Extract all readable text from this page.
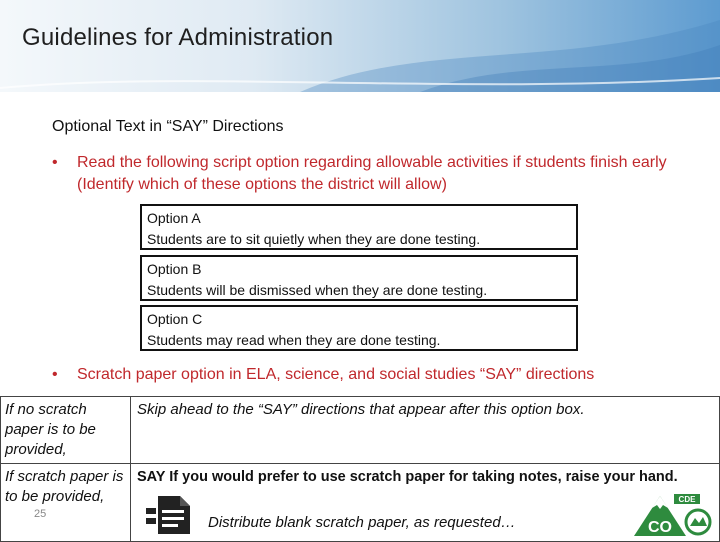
Guidelines for Administration
Optional Text in “SAY” Directions
• Read the following script option regarding allowable activities if students finish early (Identify which of these options the district will allow)
Option A
Students are to sit quietly when they are done testing.
Option B
Students will be dismissed when they are done testing.
Option C
Students may read when they are done testing.
• Scratch paper option in ELA, science, and social studies “SAY” directions
If no scratch paper is to be provided,	Skip ahead to the “SAY” directions that appear after this option box.
If scratch paper is to be provided,	SAY If you would prefer to use scratch paper for taking notes, raise your hand.
25	Distribute blank scratch paper, as requested…	CO
CDE
